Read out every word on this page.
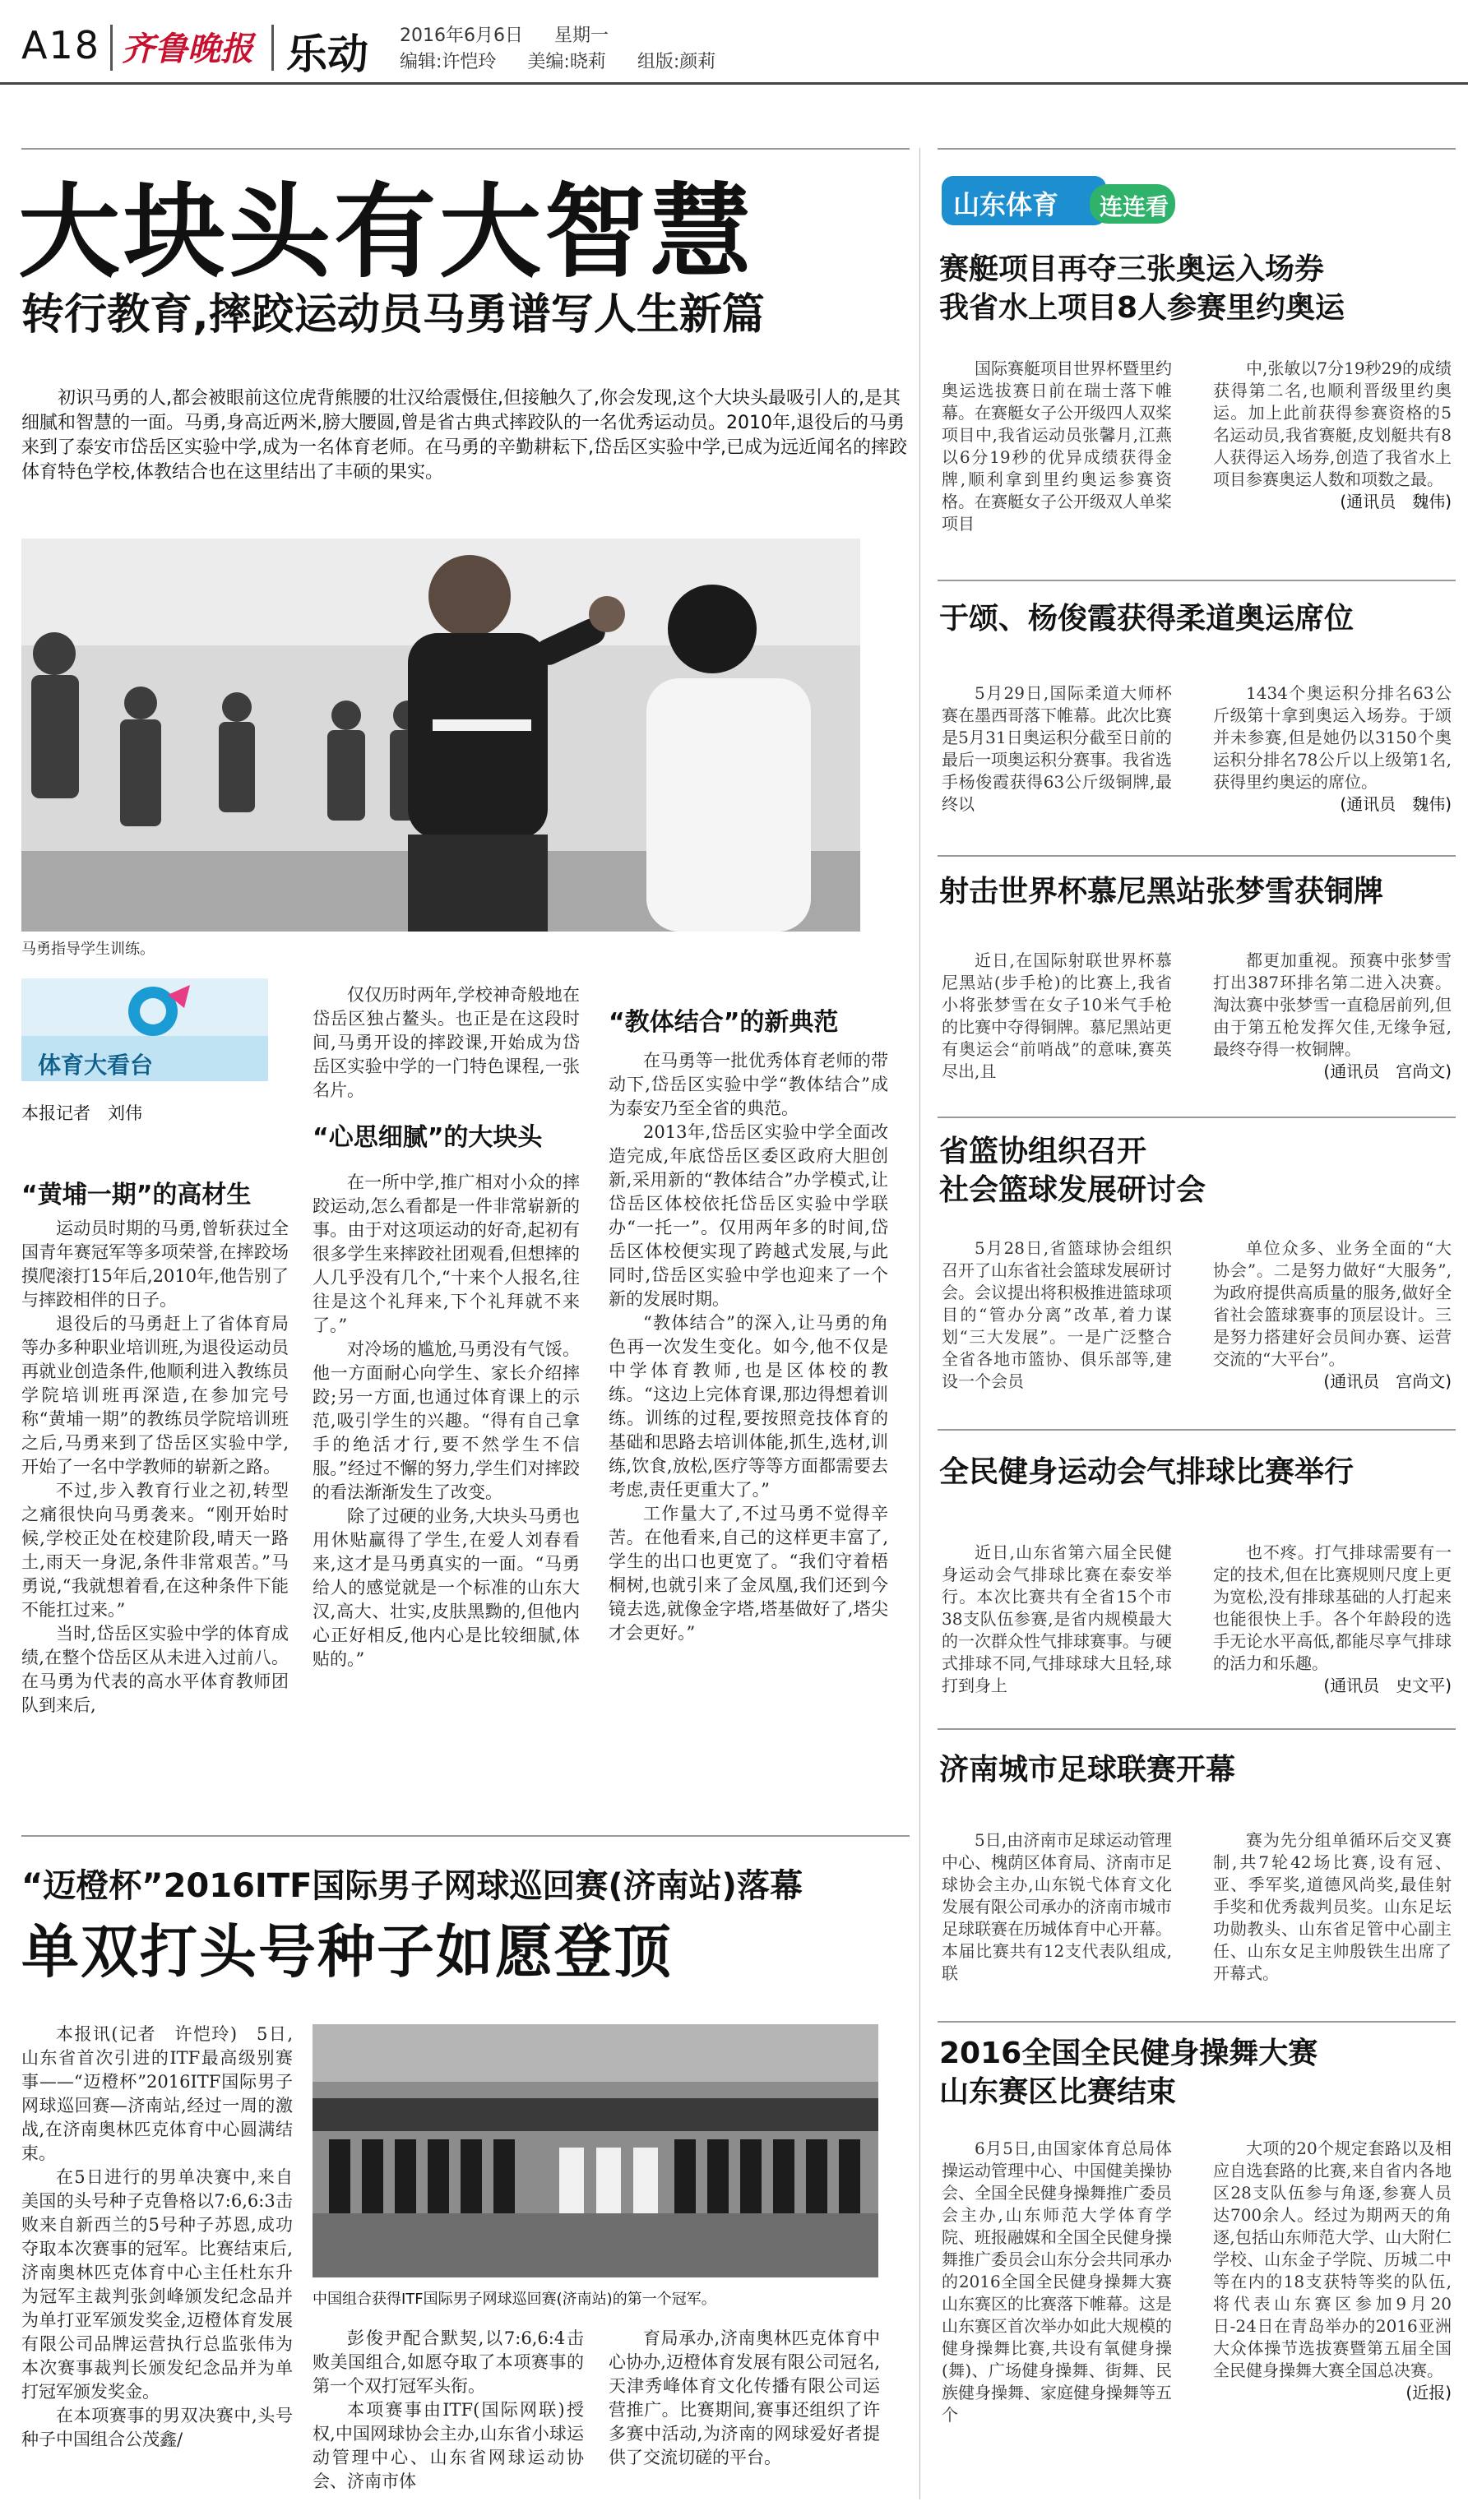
A18 齐鲁晚报 乐动 2016年6月6日 星期一
编辑:许恺玲 美编:晓莉 组版:颜莉
大块头有大智慧
转行教育,摔跤运动员马勇谱写人生新篇
初识马勇的人,都会被眼前这位虎背熊腰的壮汉给震慑住,但接触久了,你会发现,这个大块头最吸引人的,是其细腻和智慧的一面。马勇,身高近两米,膀大腰圆,曾是省古典式摔跤队的一名优秀运动员。2010年,退役后的马勇来到了泰安市岱岳区实验中学,成为一名体育老师。在马勇的辛勤耕耘下,岱岳区实验中学,已成为远近闻名的摔跤体育特色学校,体教结合也在这里结出了丰硕的果实。
马勇指导学生训练。
体育大看台
本报记者　刘伟
“黄埔一期”的高材生

运动员时期的马勇,曾斩获过全国青年赛冠军等多项荣誉,在摔跤场摸爬滚打15年后,2010年,他告别了与摔跤相伴的日子。

退役后的马勇赶上了省体育局等办多种职业培训班,为退役运动员再就业创造条件,他顺利进入教练员学院培训班再深造,在参加完号称“黄埔一期”的教练员学院培训班之后,马勇来到了岱岳区实验中学,开始了一名中学教师的崭新之路。

不过,步入教育行业之初,转型之痛很快向马勇袭来。“刚开始时候,学校正处在校建阶段,晴天一路土,雨天一身泥,条件非常艰苦。”马勇说,“我就想着看,在这种条件下能不能扛过来。”

当时,岱岳区实验中学的体育成绩,在整个岱岳区从未进入过前八。在马勇为代表的高水平体育教师团队到来后,

仅仅历时两年,学校神奇般地在岱岳区独占鳌头。也正是在这段时间,马勇开设的摔跤课,开始成为岱岳区实验中学的一门特色课程,一张名片。

“心思细腻”的大块头

在一所中学,推广相对小众的摔跤运动,怎么看都是一件非常崭新的事。由于对这项运动的好奇,起初有很多学生来摔跤社团观看,但想摔的人几乎没有几个,“十来个人报名,往往是这个礼拜来,下个礼拜就不来了。”

对冷场的尴尬,马勇没有气馁。他一方面耐心向学生、家长介绍摔跤;另一方面,也通过体育课上的示范,吸引学生的兴趣。“得有自己拿手的绝活才行,要不然学生不信服。”经过不懈的努力,学生们对摔跤的看法渐渐发生了改变。

除了过硬的业务,大块头马勇也用休贴赢得了学生,在爱人刘春看来,这才是马勇真实的一面。“马勇给人的感觉就是一个标准的山东大汉,高大、壮实,皮肤黑黝的,但他内心正好相反,他内心是比较细腻,体贴的。”

“教体结合”的新典范

在马勇等一批优秀体育老师的带动下,岱岳区实验中学“教体结合”成为泰安乃至全省的典范。

2013年,岱岳区实验中学全面改造完成,年底岱岳区委区政府大胆创新,采用新的“教体结合”办学模式,让岱岳区体校依托岱岳区实验中学联办“一托一”。仅用两年多的时间,岱岳区体校便实现了跨越式发展,与此同时,岱岳区实验中学也迎来了一个新的发展时期。

“教体结合”的深入,让马勇的角色再一次发生变化。如今,他不仅是中学体育教师,也是区体校的教练。“这边上完体育课,那边得想着训练。训练的过程,要按照竞技体育的基础和思路去培训体能,抓生,选材,训练,饮食,放松,医疗等等方面都需要去考虑,责任更重大了。”

工作量大了,不过马勇不觉得辛苦。在他看来,自己的这样更丰富了,学生的出口也更宽了。“我们守着梧桐树,也就引来了金凤凰,我们还到今镜去选,就像金字塔,塔基做好了,塔尖才会更好。”

“迈橙杯”2016ITF国际男子网球巡回赛(济南站)落幕
单双打头号种子如愿登顶

本报讯(记者　许恺玲)　5日,山东省首次引进的ITF最高级别赛事——“迈橙杯”2016ITF国际男子网球巡回赛—济南站,经过一周的激战,在济南奥林匹克体育中心圆满结束。

在5日进行的男单决赛中,来自美国的头号种子克鲁格以7:6,6:3击败来自新西兰的5号种子苏恩,成功夺取本次赛事的冠军。比赛结束后,济南奥林匹克体育中心主任杜东升为冠军主裁判张剑峰颁发纪念品并为单打亚军颁发奖金,迈橙体育发展有限公司品牌运营执行总监张伟为本次赛事裁判长颁发纪念品并为单打冠军颁发奖金。

在本项赛事的男双决赛中,头号种子中国组合公茂鑫/

中国组合获得ITF国际男子网球巡回赛(济南站)的第一个冠军。

彭俊尹配合默契,以7:6,6:4击败美国组合,如愿夺取了本项赛事的第一个双打冠军头衔。

本项赛事由ITF(国际网联)授权,中国网球协会主办,山东省小球运动管理中心、山东省网球运动协会、济南市体

育局承办,济南奥林匹克体育中心协办,迈橙体育发展有限公司冠名,天津秀峰体育文化传播有限公司运营推广。比赛期间,赛事还组织了许多赛中活动,为济南的网球爱好者提供了交流切磋的平台。

山东体育 连连看
赛艇项目再夺三张奥运入场券
我省水上项目8人参赛里约奥运

国际赛艇项目世界杯暨里约奥运选拔赛日前在瑞士落下帷幕。在赛艇女子公开级四人双桨项目中,我省运动员张馨月,江燕以6分19秒的优异成绩获得金牌,顺利拿到里约奥运参赛资格。在赛艇女子公开级双人单桨项目

中,张敏以7分19秒29的成绩获得第二名,也顺利晋级里约奥运。加上此前获得参赛资格的5名运动员,我省赛艇,皮划艇共有8人获得运入场券,创造了我省水上项目参赛奥运人数和项数之最。

(通讯员　魏伟)
于颂、杨俊霞获得柔道奥运席位

5月29日,国际柔道大师杯赛在墨西哥落下帷幕。此次比赛是5月31日奥运积分截至日前的最后一项奥运积分赛事。我省选手杨俊霞获得63公斤级铜牌,最终以

1434个奥运积分排名63公斤级第十拿到奥运入场券。于颂并未参赛,但是她仍以3150个奥运积分排名78公斤以上级第1名,获得里约奥运的席位。

(通讯员　魏伟)
射击世界杯慕尼黑站张梦雪获铜牌

近日,在国际射联世界杯慕尼黑站(步手枪)的比赛上,我省小将张梦雪在女子10米气手枪的比赛中夺得铜牌。慕尼黑站更有奥运会“前哨战”的意味,赛英尽出,且

都更加重视。预赛中张梦雪打出387环排名第二进入决赛。淘汰赛中张梦雪一直稳居前列,但由于第五枪发挥欠佳,无缘争冠,最终夺得一枚铜牌。

(通讯员　宫尚文)
省篮协组织召开
社会篮球发展研讨会

5月28日,省篮球协会组织召开了山东省社会篮球发展研讨会。会议提出将积极推进篮球项目的“管办分离”改革,着力谋划“三大发展”。一是广泛整合全省各地市篮协、俱乐部等,建设一个会员

单位众多、业务全面的“大协会”。二是努力做好“大服务”,为政府提供高质量的服务,做好全省社会篮球赛事的顶层设计。三是努力搭建好会员间办赛、运营交流的“大平台”。

(通讯员　宫尚文)
全民健身运动会气排球比赛举行

近日,山东省第六届全民健身运动会气排球比赛在泰安举行。本次比赛共有全省15个市38支队伍参赛,是省内规模最大的一次群众性气排球赛事。与硬式排球不同,气排球球大且轻,球打到身上

也不疼。打气排球需要有一定的技术,但在比赛规则尺度上更为宽松,没有排球基础的人打起来也能很快上手。各个年龄段的选手无论水平高低,都能尽享气排球的活力和乐趣。

(通讯员　史文平)
济南城市足球联赛开幕

5日,由济南市足球运动管理中心、槐荫区体育局、济南市足球协会主办,山东锐弋体育文化发展有限公司承办的济南市城市足球联赛在历城体育中心开幕。本届比赛共有12支代表队组成,联

赛为先分组单循环后交叉赛制,共7轮42场比赛,设有冠、亚、季军奖,道德风尚奖,最佳射手奖和优秀裁判员奖。山东足坛功勋教头、山东省足管中心副主任、山东女足主帅殷铁生出席了开幕式。

2016全国全民健身操舞大赛
山东赛区比赛结束

6月5日,由国家体育总局体操运动管理中心、中国健美操协会、全国全民健身操舞推广委员会主办,山东师范大学体育学院、班报融媒和全国全民健身操舞推广委员会山东分会共同承办的2016全国全民健身操舞大赛山东赛区的比赛落下帷幕。这是山东赛区首次举办如此大规模的健身操舞比赛,共设有氧健身操(舞)、广场健身操舞、街舞、民族健身操舞、家庭健身操舞等五个

大项的20个规定套路以及相应自选套路的比赛,来自省内各地区28支队伍参与角逐,参赛人员达700余人。经过为期两天的角逐,包括山东师范大学、山大附仁学校、山东金子学院、历城二中等在内的18支获特等奖的队伍,将代表山东赛区参加9月20日-24日在青岛举办的2016亚洲大众体操节选拔赛暨第五届全国全民健身操舞大赛全国总决赛。

(近报)
